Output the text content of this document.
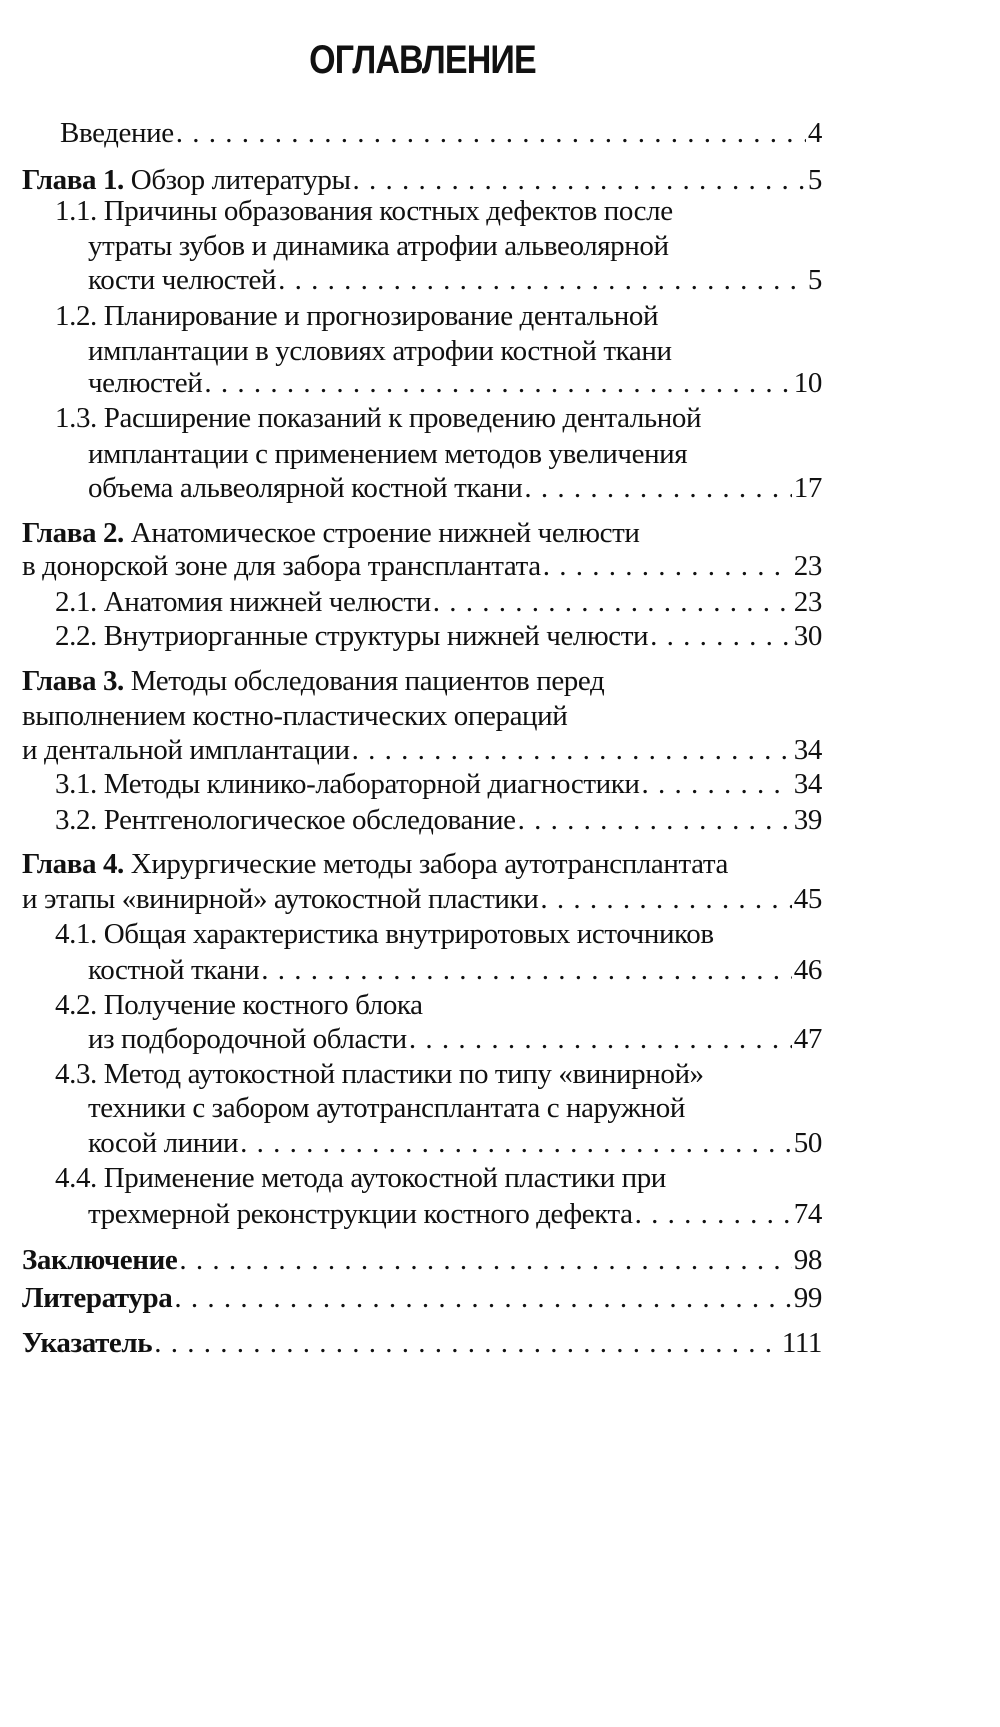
ОГЛАВЛЕНИЕ
Введение . . .	4
Глава 1. Обзор литературы . . .	5
1.1. Причины образования костных дефектов после
утраты зубов и динамика атрофии альвеолярной
кости челюстей . . .	5
1.2. Планирование и прогнозирование дентальной
имплантации в условиях атрофии костной ткани
челюстей . . .	10
1.3. Расширение показаний к проведению дентальной
имплантации с применением методов увеличения
объема альвеолярной костной ткани . . .	17
Глава 2. Анатомическое строение нижней челюсти
в донорской зоне для забора трансплантата . . .	23
2.1. Анатомия нижней челюсти . . .	23
2.2. Внутриорганные структуры нижней челюсти . . .	30
Глава 3. Методы обследования пациентов перед
выполнением костно-пластических операций
и дентальной имплантации . . .	34
3.1. Методы клинико-лабораторной диагностики . . .	34
3.2. Рентгенологическое обследование . . .	39
Глава 4. Хирургические методы забора аутотрансплантата
и этапы «винирной» аутокостной пластики . . .	45
4.1. Общая характеристика внутриротовых источников
костной ткани . . .	46
4.2. Получение костного блока
из подбородочной области . . .	47
4.3. Метод аутокостной пластики по типу «винирной»
техники с забором аутотрансплантата с наружной
косой линии . . .	50
4.4. Применение метода аутокостной пластики при
трехмерной реконструкции костного дефекта . . .	74
Заключение . . .	98
Литература . . .	99
Указатель . . .	111
